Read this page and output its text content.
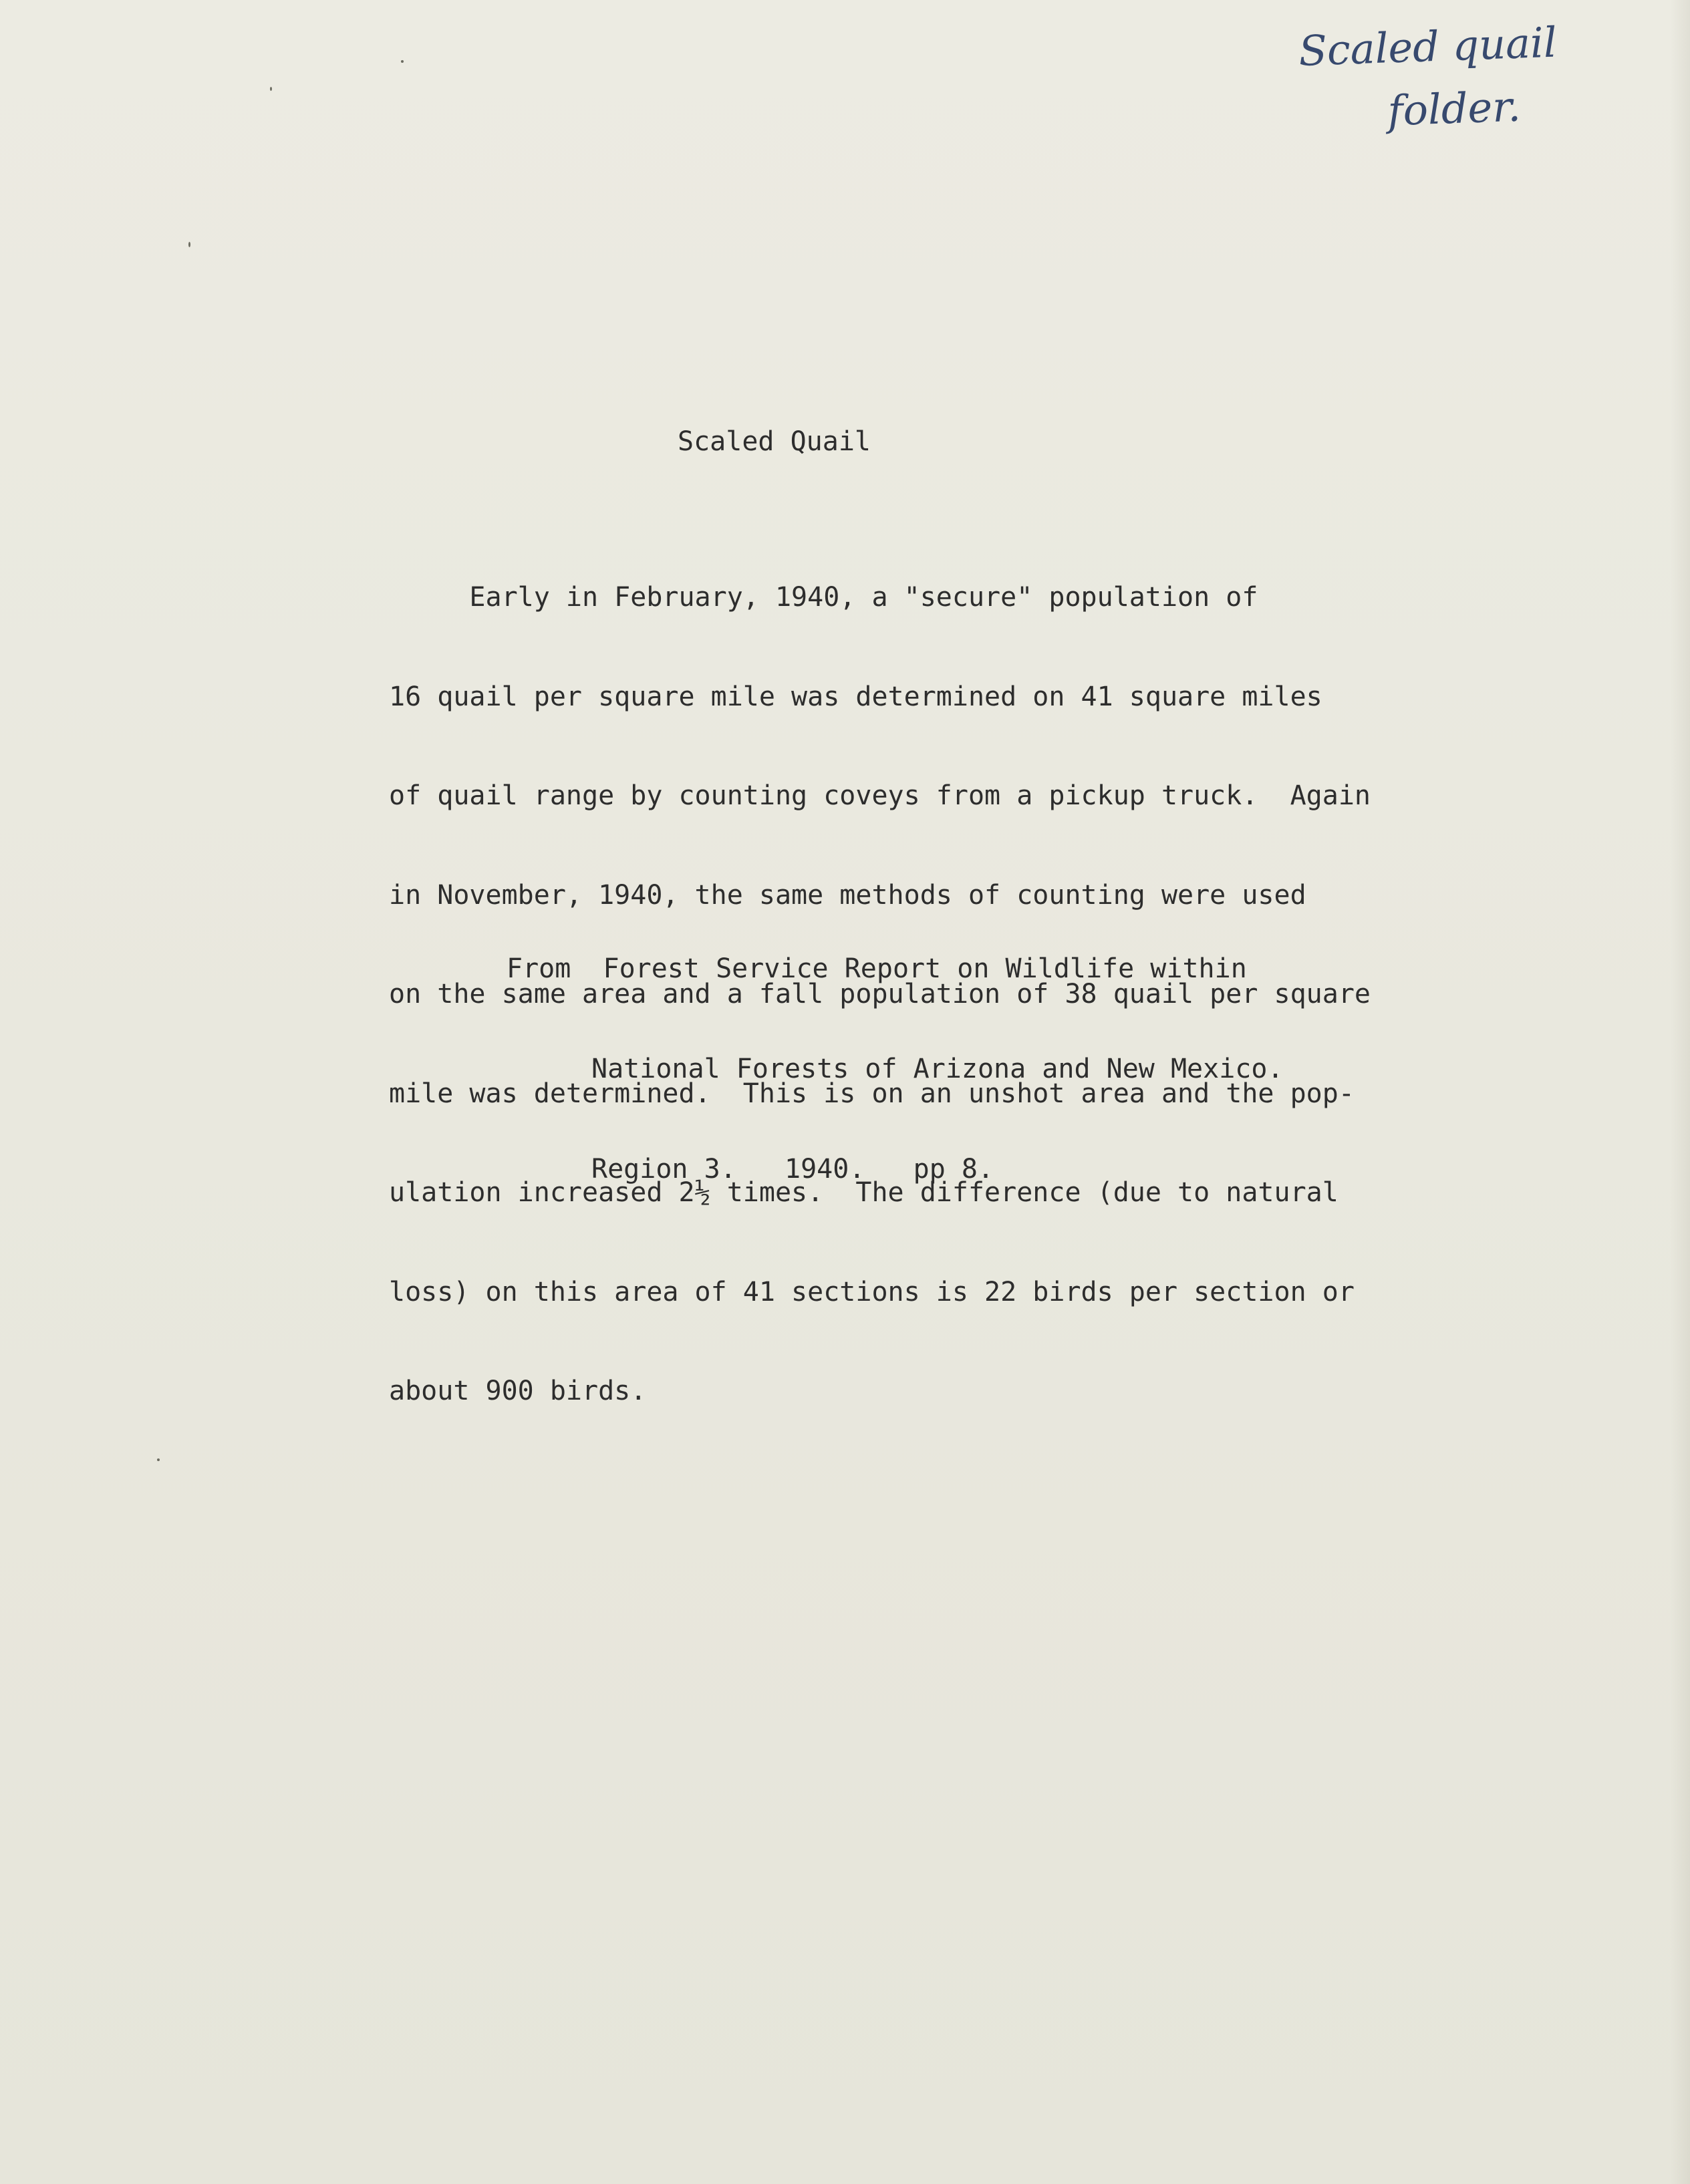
Scaled quail
folder.
Scaled Quail

Early in February, 1940, a "secure" population of

16 quail per square mile was determined on 41 square miles

of quail range by counting coveys from a pickup truck.  Again

in November, 1940, the same methods of counting were used

on the same area and a fall population of 38 quail per square

mile was determined.  This is on an unshot area and the pop-

ulation increased 2½ times.  The difference (due to natural

loss) on this area of 41 sections is 22 birds per section or

about 900 birds.

From  Forest Service Report on Wildlife within

National Forests of Arizona and New Mexico.

Region 3.   1940.   pp 8.
